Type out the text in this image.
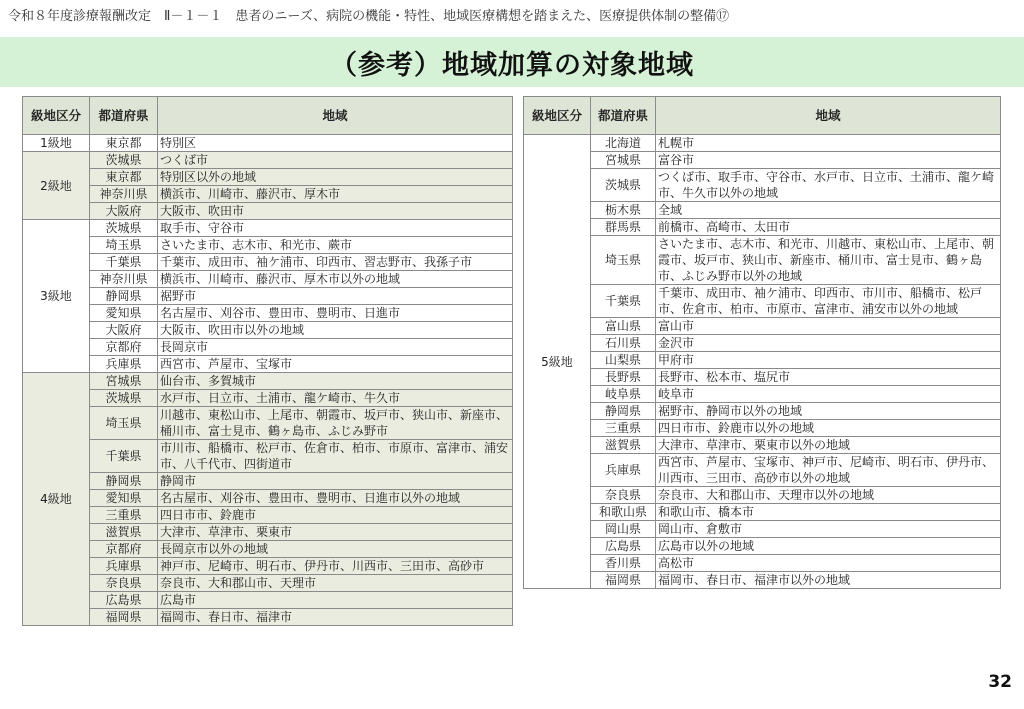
令和８年度診療報酬改定　Ⅱ－１－１　患者のニーズ、病院の機能・特性、地域医療構想を踏まえた、医療提供体制の整備⑰
（参考）地域加算の対象地域
級地区分	都道府県	地域
1級地	東京都	特別区
2級地	茨城県	つくば市
	東京都	特別区以外の地域
	神奈川県	横浜市、川崎市、藤沢市、厚木市
	大阪府	大阪市、吹田市
3級地	茨城県	取手市、守谷市
	埼玉県	さいたま市、志木市、和光市、蕨市
	千葉県	千葉市、成田市、袖ケ浦市、印西市、習志野市、我孫子市
	神奈川県	横浜市、川崎市、藤沢市、厚木市以外の地域
	静岡県	裾野市
	愛知県	名古屋市、刈谷市、豊田市、豊明市、日進市
	大阪府	大阪市、吹田市以外の地域
	京都府	長岡京市
	兵庫県	西宮市、芦屋市、宝塚市
4級地	宮城県	仙台市、多賀城市
	茨城県	水戸市、日立市、土浦市、龍ケ崎市、牛久市
	埼玉県	川越市、東松山市、上尾市、朝霞市、坂戸市、狭山市、新座市、桶川市、富士見市、鶴ヶ島市、ふじみ野市
	千葉県	市川市、船橋市、松戸市、佐倉市、柏市、市原市、富津市、浦安市、八千代市、四街道市
	静岡県	静岡市
	愛知県	名古屋市、刈谷市、豊田市、豊明市、日進市以外の地域
	三重県	四日市市、鈴鹿市
	滋賀県	大津市、草津市、栗東市
	京都府	長岡京市以外の地域
	兵庫県	神戸市、尼崎市、明石市、伊丹市、川西市、三田市、高砂市
	奈良県	奈良市、大和郡山市、天理市
	広島県	広島市
	福岡県	福岡市、春日市、福津市
級地区分	都道府県	地域
5級地	北海道	札幌市
	宮城県	富谷市
	茨城県	つくば市、取手市、守谷市、水戸市、日立市、土浦市、龍ケ崎市、牛久市以外の地域
	栃木県	全域
	群馬県	前橋市、高崎市、太田市
	埼玉県	さいたま市、志木市、和光市、川越市、東松山市、上尾市、朝霞市、坂戸市、狭山市、新座市、桶川市、富士見市、鶴ヶ島市、ふじみ野市以外の地域
	千葉県	千葉市、成田市、袖ケ浦市、印西市、市川市、船橋市、松戸市、佐倉市、柏市、市原市、富津市、浦安市以外の地域
	富山県	富山市
	石川県	金沢市
	山梨県	甲府市
	長野県	長野市、松本市、塩尻市
	岐阜県	岐阜市
	静岡県	裾野市、静岡市以外の地域
	三重県	四日市市、鈴鹿市以外の地域
	滋賀県	大津市、草津市、栗東市以外の地域
	兵庫県	西宮市、芦屋市、宝塚市、神戸市、尼崎市、明石市、伊丹市、川西市、三田市、高砂市以外の地域
	奈良県	奈良市、大和郡山市、天理市以外の地域
	和歌山県	和歌山市、橋本市
	岡山県	岡山市、倉敷市
	広島県	広島市以外の地域
	香川県	高松市
	福岡県	福岡市、春日市、福津市以外の地域
32
